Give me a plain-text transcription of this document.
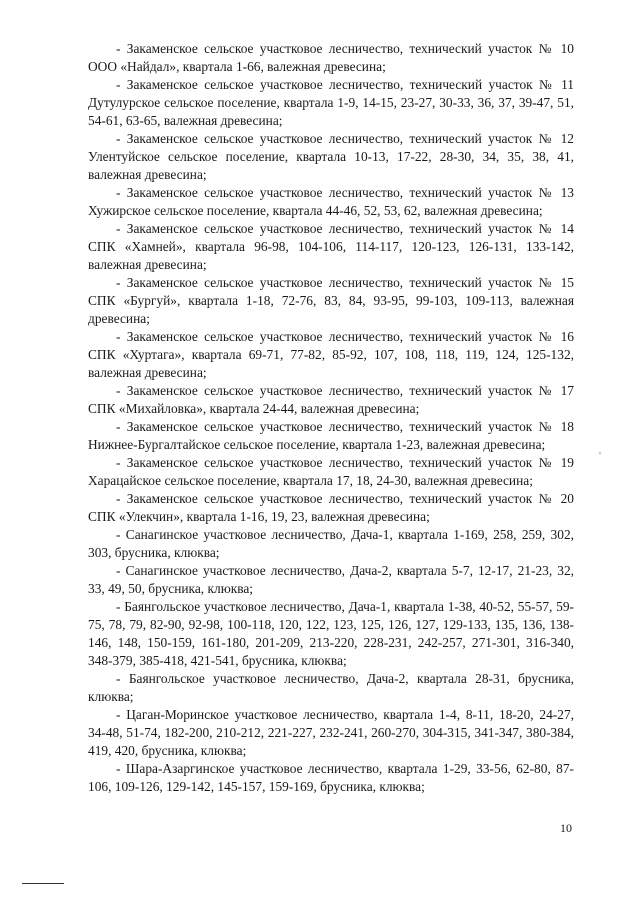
- Закаменское сельское участковое лесничество, технический участок № 10 ООО «Найдал», квартала 1-66, валежная древесина;

- Закаменское сельское участковое лесничество, технический участок № 11 Дутулурское сельское поселение, квартала 1-9, 14-15, 23-27, 30-33, 36, 37, 39-47, 51, 54-61, 63-65, валежная древесина;

- Закаменское сельское участковое лесничество, технический участок № 12 Улентуйское сельское поселение, квартала 10-13, 17-22, 28-30, 34, 35, 38, 41, валежная древесина;

- Закаменское сельское участковое лесничество, технический участок № 13 Хужирское сельское поселение, квартала 44-46, 52, 53, 62, валежная древесина;

- Закаменское сельское участковое лесничество, технический участок № 14 СПК «Хамней», квартала 96-98, 104-106, 114-117, 120-123, 126-131, 133-142, валежная древесина;

- Закаменское сельское участковое лесничество, технический участок № 15 СПК «Бургуй», квартала 1-18, 72-76, 83, 84, 93-95, 99-103, 109-113, валежная древесина;

- Закаменское сельское участковое лесничество, технический участок № 16 СПК «Хуртага», квартала 69-71, 77-82, 85-92, 107, 108, 118, 119, 124, 125-132, валежная древесина;

- Закаменское сельское участковое лесничество, технический участок № 17 СПК «Михайловка», квартала 24-44, валежная древесина;

- Закаменское сельское участковое лесничество, технический участок № 18 Нижнее-Бургалтайское сельское поселение, квартала 1-23, валежная древесина;

- Закаменское сельское участковое лесничество, технический участок № 19 Харацайское сельское поселение, квартала 17, 18, 24-30, валежная древесина;

- Закаменское сельское участковое лесничество, технический участок № 20 СПК «Улекчин», квартала 1-16, 19, 23, валежная древесина;

- Санагинское участковое лесничество, Дача-1, квартала 1-169, 258, 259, 302, 303, брусника, клюква;

- Санагинское участковое лесничество, Дача-2, квартала 5-7, 12-17, 21-23, 32, 33, 49, 50, брусника, клюква;

- Баянгольское участковое лесничество, Дача-1, квартала 1-38, 40-52, 55-57, 59-75, 78, 79, 82-90, 92-98, 100-118, 120, 122, 123, 125, 126, 127, 129-133, 135, 136, 138-146, 148, 150-159, 161-180, 201-209, 213-220, 228-231, 242-257, 271-301, 316-340, 348-379, 385-418, 421-541, брусника, клюква;

- Баянгольское участковое лесничество, Дача-2, квартала 28-31, брусника, клюква;

- Цаган-Моринское участковое лесничество, квартала 1-4, 8-11, 18-20, 24-27, 34-48, 51-74, 182-200, 210-212, 221-227, 232-241, 260-270, 304-315, 341-347, 380-384, 419, 420, брусника, клюква;

- Шара-Азаргинское участковое лесничество, квартала 1-29, 33-56, 62-80, 87-106, 109-126, 129-142, 145-157, 159-169, брусника, клюква;

'
10
